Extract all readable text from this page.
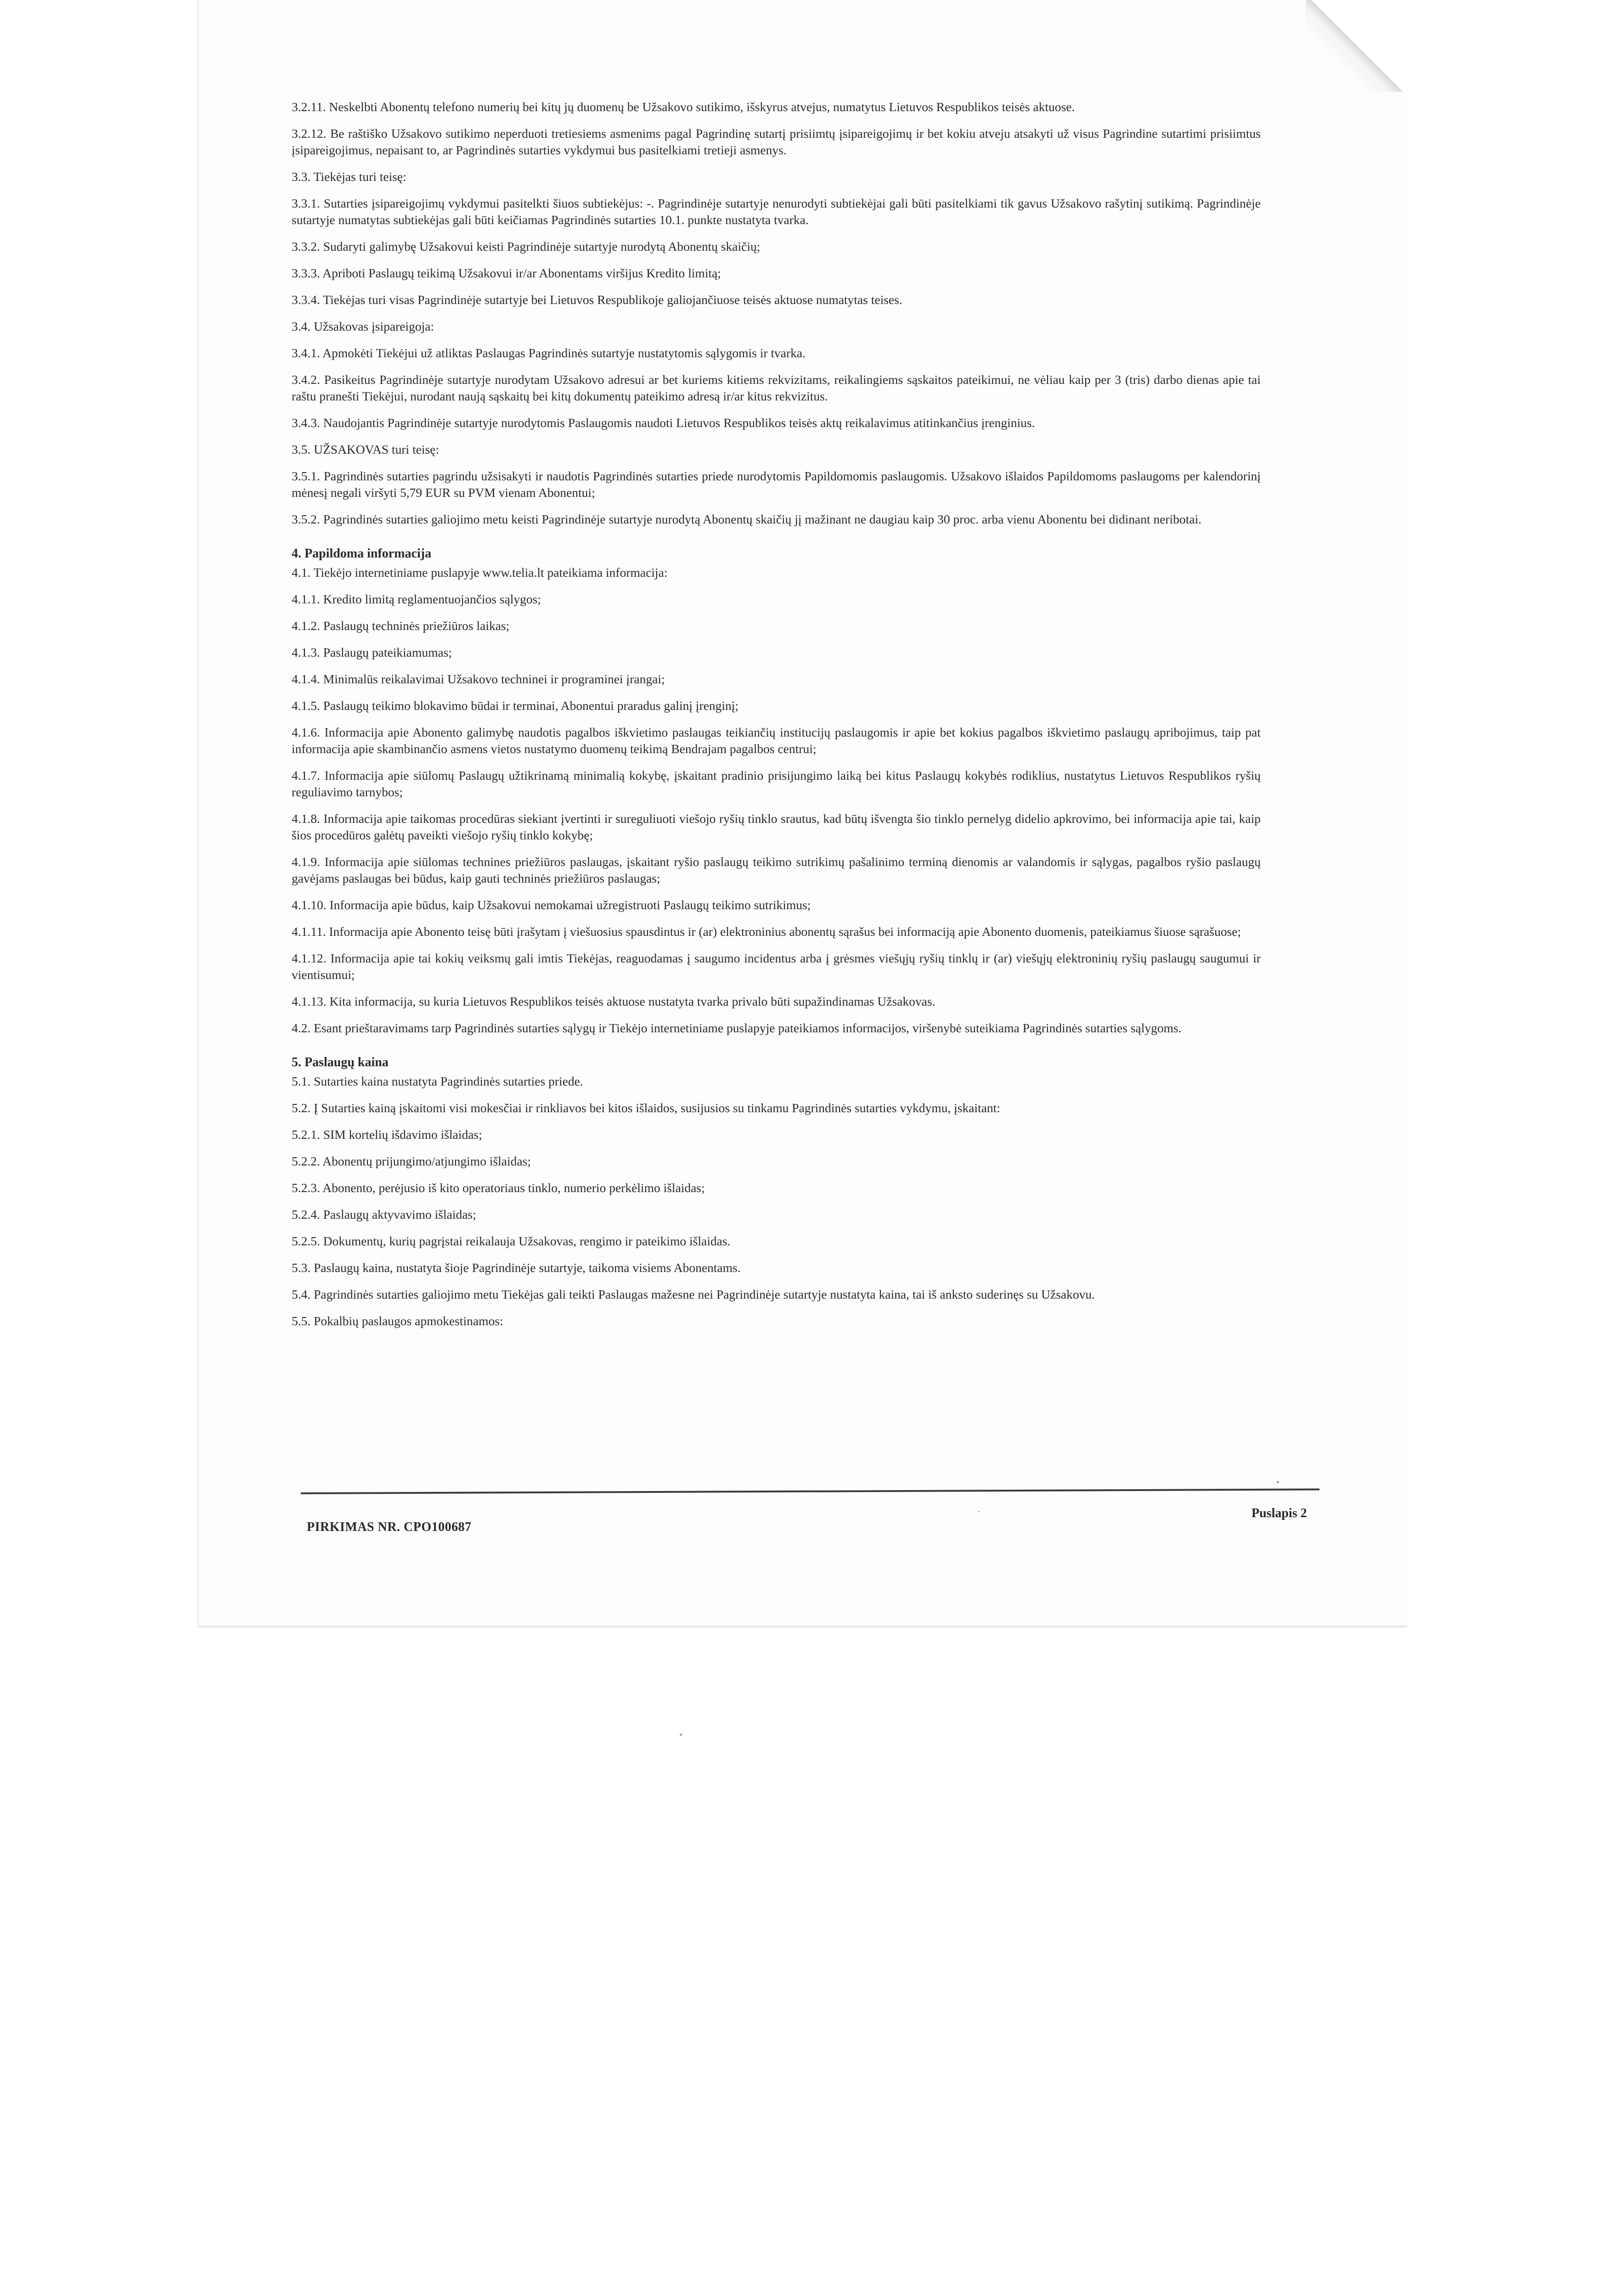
3.2.11. Neskelbti Abonentų telefono numerių bei kitų jų duomenų be Užsakovo sutikimo, išskyrus atvejus, numatytus Lietuvos Respublikos teisės aktuose.

3.2.12. Be raštiško Užsakovo sutikimo neperduoti tretiesiems asmenims pagal Pagrindinę sutartį prisiimtų įsipareigojimų ir bet kokiu atveju atsakyti už visus Pagrindine sutartimi prisiimtus įsipareigojimus, nepaisant to, ar Pagrindinės sutarties vykdymui bus pasitelkiami tretieji asmenys.

3.3. Tiekėjas turi teisę:

3.3.1. Sutarties įsipareigojimų vykdymui pasitelkti šiuos subtiekėjus: -. Pagrindinėje sutartyje nenurodyti subtiekėjai gali būti pasitelkiami tik gavus Užsakovo rašytinį sutikimą. Pagrindinėje sutartyje numatytas subtiekėjas gali būti keičiamas Pagrindinės sutarties 10.1. punkte nustatyta tvarka.

3.3.2. Sudaryti galimybę Užsakovui keisti Pagrindinėje sutartyje nurodytą Abonentų skaičių;

3.3.3. Apriboti Paslaugų teikimą Užsakovui ir/ar Abonentams viršijus Kredito limitą;

3.3.4. Tiekėjas turi visas Pagrindinėje sutartyje bei Lietuvos Respublikoje galiojančiuose teisės aktuose numatytas teises.

3.4. Užsakovas įsipareigoja:

3.4.1. Apmokėti Tiekėjui už atliktas Paslaugas Pagrindinės sutartyje nustatytomis sąlygomis ir tvarka.

3.4.2. Pasikeitus Pagrindinėje sutartyje nurodytam Užsakovo adresui ar bet kuriems kitiems rekvizitams, reikalingiems sąskaitos pateikimui, ne vėliau kaip per 3 (tris) darbo dienas apie tai raštu pranešti Tiekėjui, nurodant naują sąskaitų bei kitų dokumentų pateikimo adresą ir/ar kitus rekvizitus.

3.4.3. Naudojantis Pagrindinėje sutartyje nurodytomis Paslaugomis naudoti Lietuvos Respublikos teisės aktų reikalavimus atitinkančius įrenginius.

3.5. UŽSAKOVAS turi teisę:

3.5.1. Pagrindinės sutarties pagrindu užsisakyti ir naudotis Pagrindinės sutarties priede nurodytomis Papildomomis paslaugomis. Užsakovo išlaidos Papildomoms paslaugoms per kalendorinį mėnesį negali viršyti 5,79 EUR su PVM vienam Abonentui;

3.5.2. Pagrindinės sutarties galiojimo metu keisti Pagrindinėje sutartyje nurodytą Abonentų skaičių jį mažinant ne daugiau kaip 30 proc. arba vienu Abonentu bei didinant neribotai.

4. Papildoma informacija

4.1. Tiekėjo internetiniame puslapyje www.telia.lt pateikiama informacija:

4.1.1. Kredito limitą reglamentuojančios sąlygos;

4.1.2. Paslaugų techninės priežiūros laikas;

4.1.3. Paslaugų pateikiamumas;

4.1.4. Minimalūs reikalavimai Užsakovo techninei ir programinei įrangai;

4.1.5. Paslaugų teikimo blokavimo būdai ir terminai, Abonentui praradus galinį įrenginį;

4.1.6. Informacija apie Abonento galimybę naudotis pagalbos iškvietimo paslaugas teikiančių institucijų paslaugomis ir apie bet kokius pagalbos iškvietimo paslaugų apribojimus, taip pat informacija apie skambinančio asmens vietos nustatymo duomenų teikimą Bendrajam pagalbos centrui;

4.1.7. Informacija apie siūlomų Paslaugų užtikrinamą minimalią kokybę, įskaitant pradinio prisijungimo laiką bei kitus Paslaugų kokybės rodiklius, nustatytus Lietuvos Respublikos ryšių reguliavimo tarnybos;

4.1.8. Informacija apie taikomas procedūras siekiant įvertinti ir sureguliuoti viešojo ryšių tinklo srautus, kad būtų išvengta šio tinklo pernelyg didelio apkrovimo, bei informacija apie tai, kaip šios procedūros galėtų paveikti viešojo ryšių tinklo kokybę;

4.1.9. Informacija apie siūlomas technines priežiūros paslaugas, įskaitant ryšio paslaugų teikimo sutrikimų pašalinimo terminą dienomis ar valandomis ir sąlygas, pagalbos ryšio paslaugų gavėjams paslaugas bei būdus, kaip gauti techninės priežiūros paslaugas;

4.1.10. Informacija apie būdus, kaip Užsakovui nemokamai užregistruoti Paslaugų teikimo sutrikimus;

4.1.11. Informacija apie Abonento teisę būti įrašytam į viešuosius spausdintus ir (ar) elektroninius abonentų sąrašus bei informaciją apie Abonento duomenis, pateikiamus šiuose sąrašuose;

4.1.12. Informacija apie tai kokių veiksmų gali imtis Tiekėjas, reaguodamas į saugumo incidentus arba į grėsmes viešųjų ryšių tinklų ir (ar) viešųjų elektroninių ryšių paslaugų saugumui ir vientisumui;

4.1.13. Kita informacija, su kuria Lietuvos Respublikos teisės aktuose nustatyta tvarka privalo būti supažindinamas Užsakovas.

4.2. Esant prieštaravimams tarp Pagrindinės sutarties sąlygų ir Tiekėjo internetiniame puslapyje pateikiamos informacijos, viršenybė suteikiama Pagrindinės sutarties sąlygoms.

5. Paslaugų kaina

5.1. Sutarties kaina nustatyta Pagrindinės sutarties priede.

5.2. Į Sutarties kainą įskaitomi visi mokesčiai ir rinkliavos bei kitos išlaidos, susijusios su tinkamu Pagrindinės sutarties vykdymu, įskaitant:

5.2.1. SIM kortelių išdavimo išlaidas;

5.2.2. Abonentų prijungimo/atjungimo išlaidas;

5.2.3. Abonento, perėjusio iš kito operatoriaus tinklo, numerio perkėlimo išlaidas;

5.2.4. Paslaugų aktyvavimo išlaidas;

5.2.5. Dokumentų, kurių pagrįstai reikalauja Užsakovas, rengimo ir pateikimo išlaidas.

5.3. Paslaugų kaina, nustatyta šioje Pagrindinėje sutartyje, taikoma visiems Abonentams.

5.4. Pagrindinės sutarties galiojimo metu Tiekėjas gali teikti Paslaugas mažesne nei Pagrindinėje sutartyje nustatyta kaina, tai iš anksto suderinęs su Užsakovu.

5.5. Pokalbių paslaugos apmokestinamos:

PIRKIMAS NR. CPO100687
Puslapis 2
